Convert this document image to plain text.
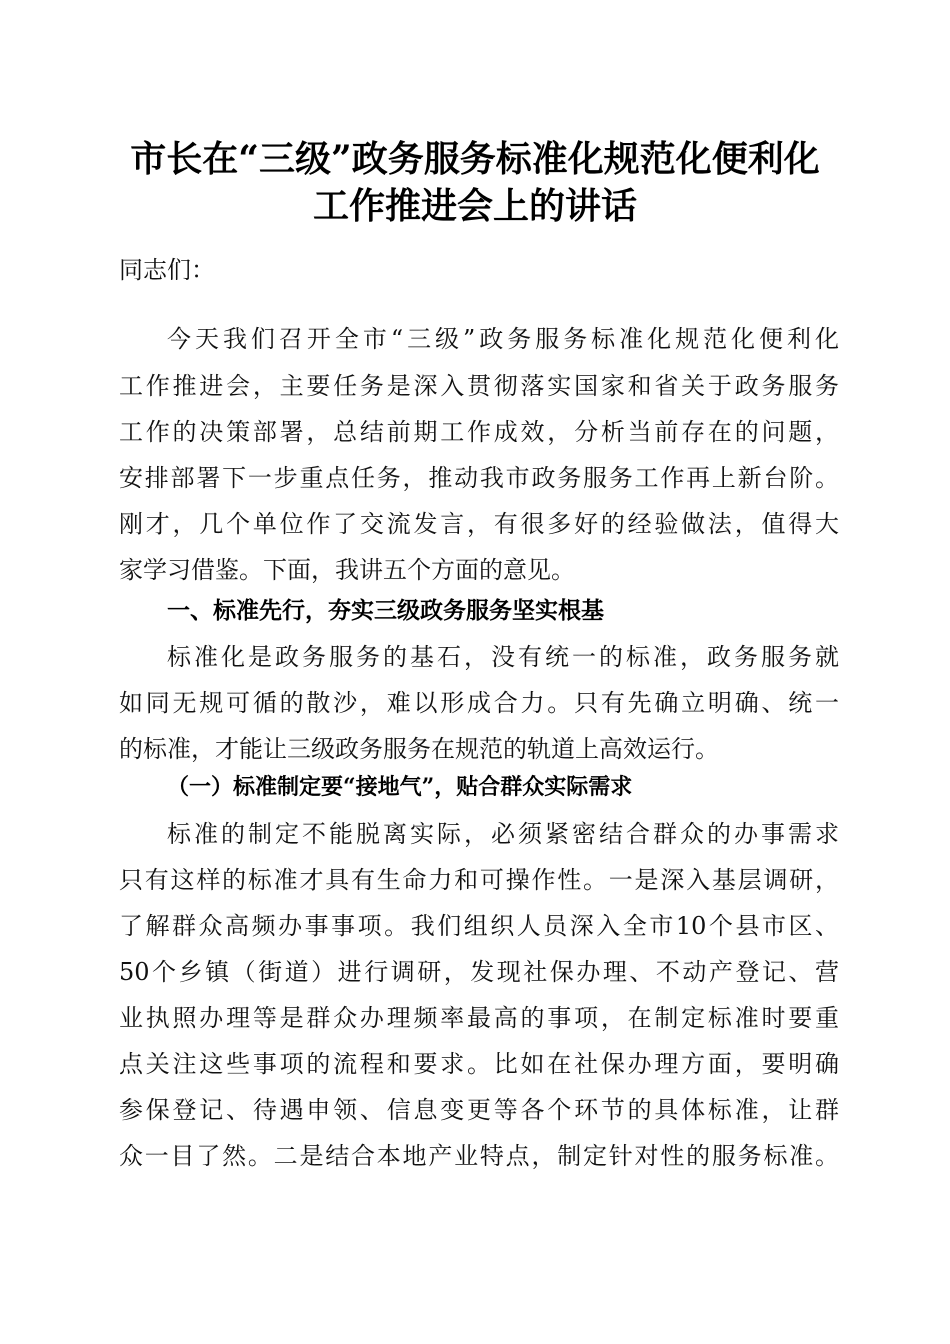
市长在“三级”政务服务标准化规范化便利化
工作推进会上的讲话
同志们：
今天我们召开全市“三级”政务服务标准化规范化便利化
工作推进会，主要任务是深入贯彻落实国家和省关于政务服务
工作的决策部署，总结前期工作成效，分析当前存在的问题，
安排部署下一步重点任务，推动我市政务服务工作再上新台阶。
刚才，几个单位作了交流发言，有很多好的经验做法，值得大
家学习借鉴。下面，我讲五个方面的意见。
一、标准先行，夯实三级政务服务坚实根基
标准化是政务服务的基石，没有统一的标准，政务服务就
如同无规可循的散沙，难以形成合力。只有先确立明确、统一
的标准，才能让三级政务服务在规范的轨道上高效运行。
（一）标准制定要“接地气”，贴合群众实际需求
标准的制定不能脱离实际，必须紧密结合群众的办事需求
只有这样的标准才具有生命力和可操作性。一是深入基层调研，
了解群众高频办事事项。我们组织人员深入全市10个县市区、
50个乡镇（街道）进行调研，发现社保办理、不动产登记、营
业执照办理等是群众办理频率最高的事项，在制定标准时要重
点关注这些事项的流程和要求。比如在社保办理方面，要明确
参保登记、待遇申领、信息变更等各个环节的具体标准，让群
众一目了然。二是结合本地产业特点，制定针对性的服务标准。
